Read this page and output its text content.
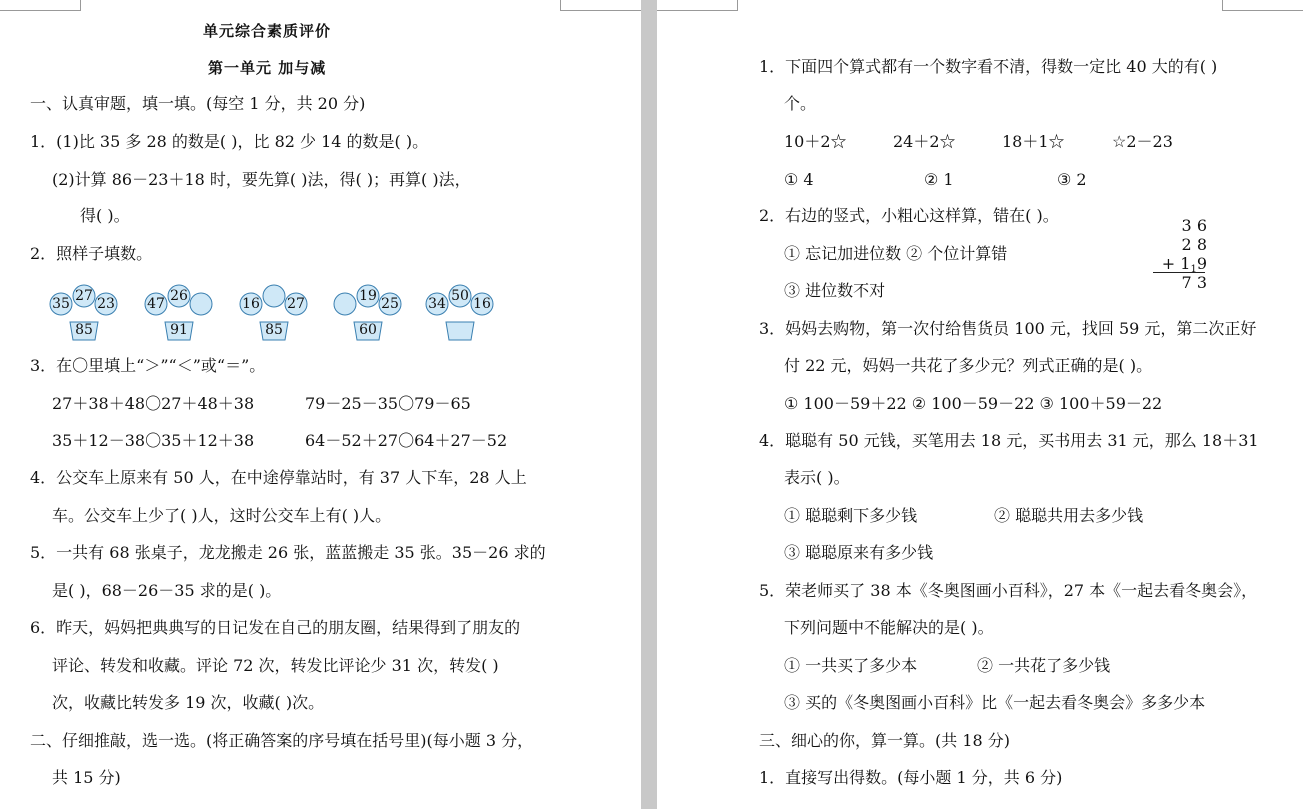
单元综合素质评价
第一单元 加与减
一、认真审题，填一填。(每空 1 分，共 20 分)
1．(1)比 35 多 28 的数是( )，比 82 少 14 的数是( )。
(2)计算 86－23＋18 时，要先算( )法，得( )；再算( )法，
得( )。
2．照样子填数。
35 27 23
85
47 26
91
16 27
85
19 25
60
34 50 16
3．在〇里填上“＞”“＜”或“＝”。
27＋38＋48〇27＋48＋38	79－25－35〇79－65
35＋12－38〇35＋12＋38	64－52＋27〇64＋27－52
4．公交车上原来有 50 人，在中途停靠站时，有 37 人下车，28 人上
车。公交车上少了( )人，这时公交车上有( )人。
5．一共有 68 张桌子，龙龙搬走 26 张，蓝蓝搬走 35 张。35－26 求的
是( )，68－26－35 求的是( )。
6．昨天，妈妈把典典写的日记发在自己的朋友圈，结果得到了朋友的
评论、转发和收藏。评论 72 次，转发比评论少 31 次，转发( )
次，收藏比转发多 19 次，收藏( )次。
二、仔细推敲，选一选。(将正确答案的序号填在括号里)(每小题 3 分，
共 15 分)
1．下面四个算式都有一个数字看不清，得数一定比 40 大的有( )
个。
10＋2☆	24＋2☆	18＋1☆	☆2－23
① 4	② 1	③ 2
2．右边的竖式，小粗心这样算，错在( )。
① 忘记加进位数 ② 个位计算错
③ 进位数不对
3 6
2 8
+ 119
7 3
3．妈妈去购物，第一次付给售货员 100 元，找回 59 元，第二次正好
付 22 元，妈妈一共花了多少元？列式正确的是( )。
① 100－59＋22 ② 100－59－22 ③ 100＋59－22
4．聪聪有 50 元钱，买笔用去 18 元，买书用去 31 元，那么 18＋31
表示( )。
① 聪聪剩下多少钱	② 聪聪共用去多少钱
③ 聪聪原来有多少钱
5．荣老师买了 38 本《冬奥图画小百科》，27 本《一起去看冬奥会》，
下列问题中不能解决的是( )。
① 一共买了多少本	② 一共花了多少钱
③ 买的《冬奥图画小百科》比《一起去看冬奥会》多多少本
三、细心的你，算一算。(共 18 分)
1．直接写出得数。(每小题 1 分，共 6 分)
